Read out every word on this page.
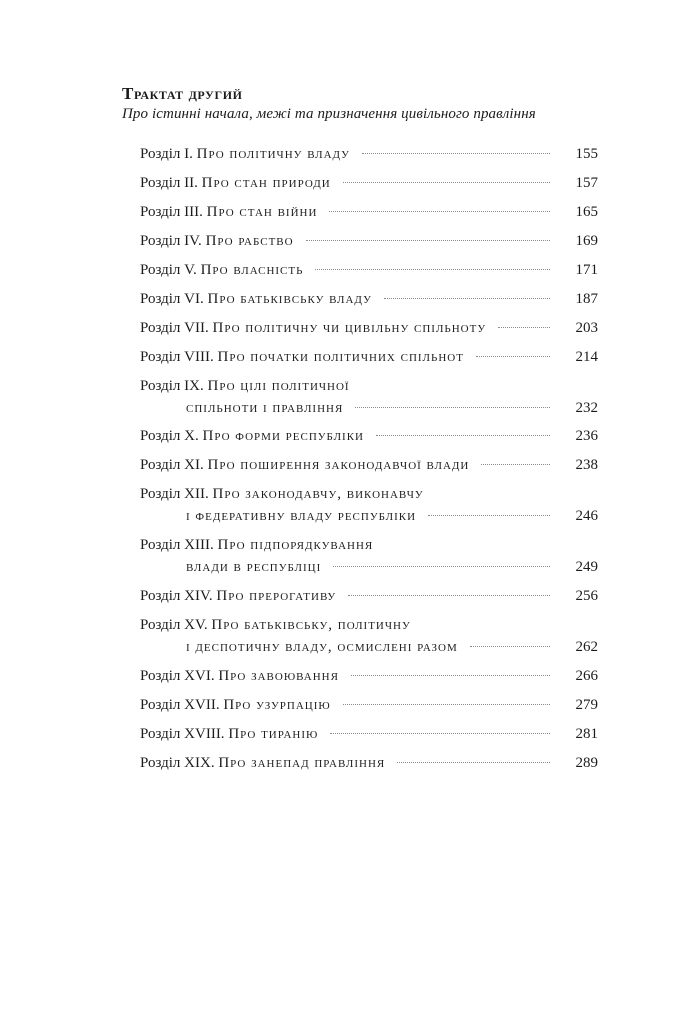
Трактат другий
Про істинні начала, межі та призначення цивільного правління
Розділ I. Про політичну владу	155
Розділ II. Про стан природи	157
Розділ III. Про стан війни	165
Розділ IV. Про рабство	169
Розділ V. Про власність	171
Розділ VI. Про батьківську владу	187
Розділ VII. Про політичну чи цивільну спільноту	203
Розділ VIII. Про початки політичних спільнот	214
Розділ IX. Про цілі політичної
спільноти і правління	232
Розділ X. Про форми республіки	236
Розділ XI. Про поширення законодавчої влади	238
Розділ XII. Про законодавчу, виконавчу
і федеративну владу республіки	246
Розділ XIII. Про підпорядкування
влади в республіці	249
Розділ XIV. Про прерогативу	256
Розділ XV. Про батьківську, політичну
і деспотичну владу, осмислені разом	262
Розділ XVI. Про завоювання	266
Розділ XVII. Про узурпацію	279
Розділ XVIII. Про тиранію	281
Розділ XIX. Про занепад правління	289
